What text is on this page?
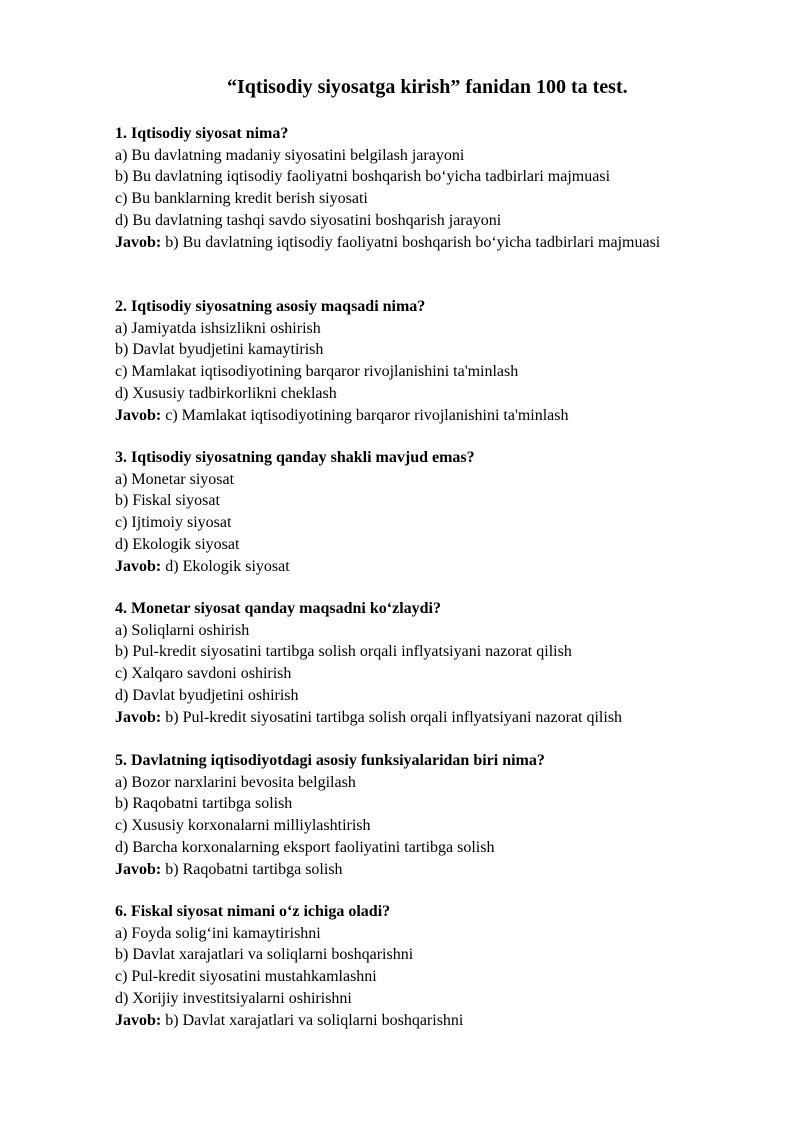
“Iqtisodiy siyosatga kirish” fanidan 100 ta test.
1. Iqtisodiy siyosat nima?
a) Bu davlatning madaniy siyosatini belgilash jarayoni
b) Bu davlatning iqtisodiy faoliyatni boshqarish bo‘yicha tadbirlari majmuasi
c) Bu banklarning kredit berish siyosati
d) Bu davlatning tashqi savdo siyosatini boshqarish jarayoni
Javob: b) Bu davlatning iqtisodiy faoliyatni boshqarish bo‘yicha tadbirlari majmuasi
2. Iqtisodiy siyosatning asosiy maqsadi nima?
a) Jamiyatda ishsizlikni oshirish
b) Davlat byudjetini kamaytirish
c) Mamlakat iqtisodiyotining barqaror rivojlanishini ta'minlash
d) Xususiy tadbirkorlikni cheklash
Javob: c) Mamlakat iqtisodiyotining barqaror rivojlanishini ta'minlash
3. Iqtisodiy siyosatning qanday shakli mavjud emas?
a) Monetar siyosat
b) Fiskal siyosat
c) Ijtimoiy siyosat
d) Ekologik siyosat
Javob: d) Ekologik siyosat
4. Monetar siyosat qanday maqsadni ko‘zlaydi?
a) Soliqlarni oshirish
b) Pul-kredit siyosatini tartibga solish orqali inflyatsiyani nazorat qilish
c) Xalqaro savdoni oshirish
d) Davlat byudjetini oshirish
Javob: b) Pul-kredit siyosatini tartibga solish orqali inflyatsiyani nazorat qilish
5. Davlatning iqtisodiyotdagi asosiy funksiyalaridan biri nima?
a) Bozor narxlarini bevosita belgilash
b) Raqobatni tartibga solish
c) Xususiy korxonalarni milliylashtirish
d) Barcha korxonalarning eksport faoliyatini tartibga solish
Javob: b) Raqobatni tartibga solish
6. Fiskal siyosat nimani o‘z ichiga oladi?
a) Foyda solig‘ini kamaytirishni
b) Davlat xarajatlari va soliqlarni boshqarishni
c) Pul-kredit siyosatini mustahkamlashni
d) Xorijiy investitsiyalarni oshirishni
Javob: b) Davlat xarajatlari va soliqlarni boshqarishni
